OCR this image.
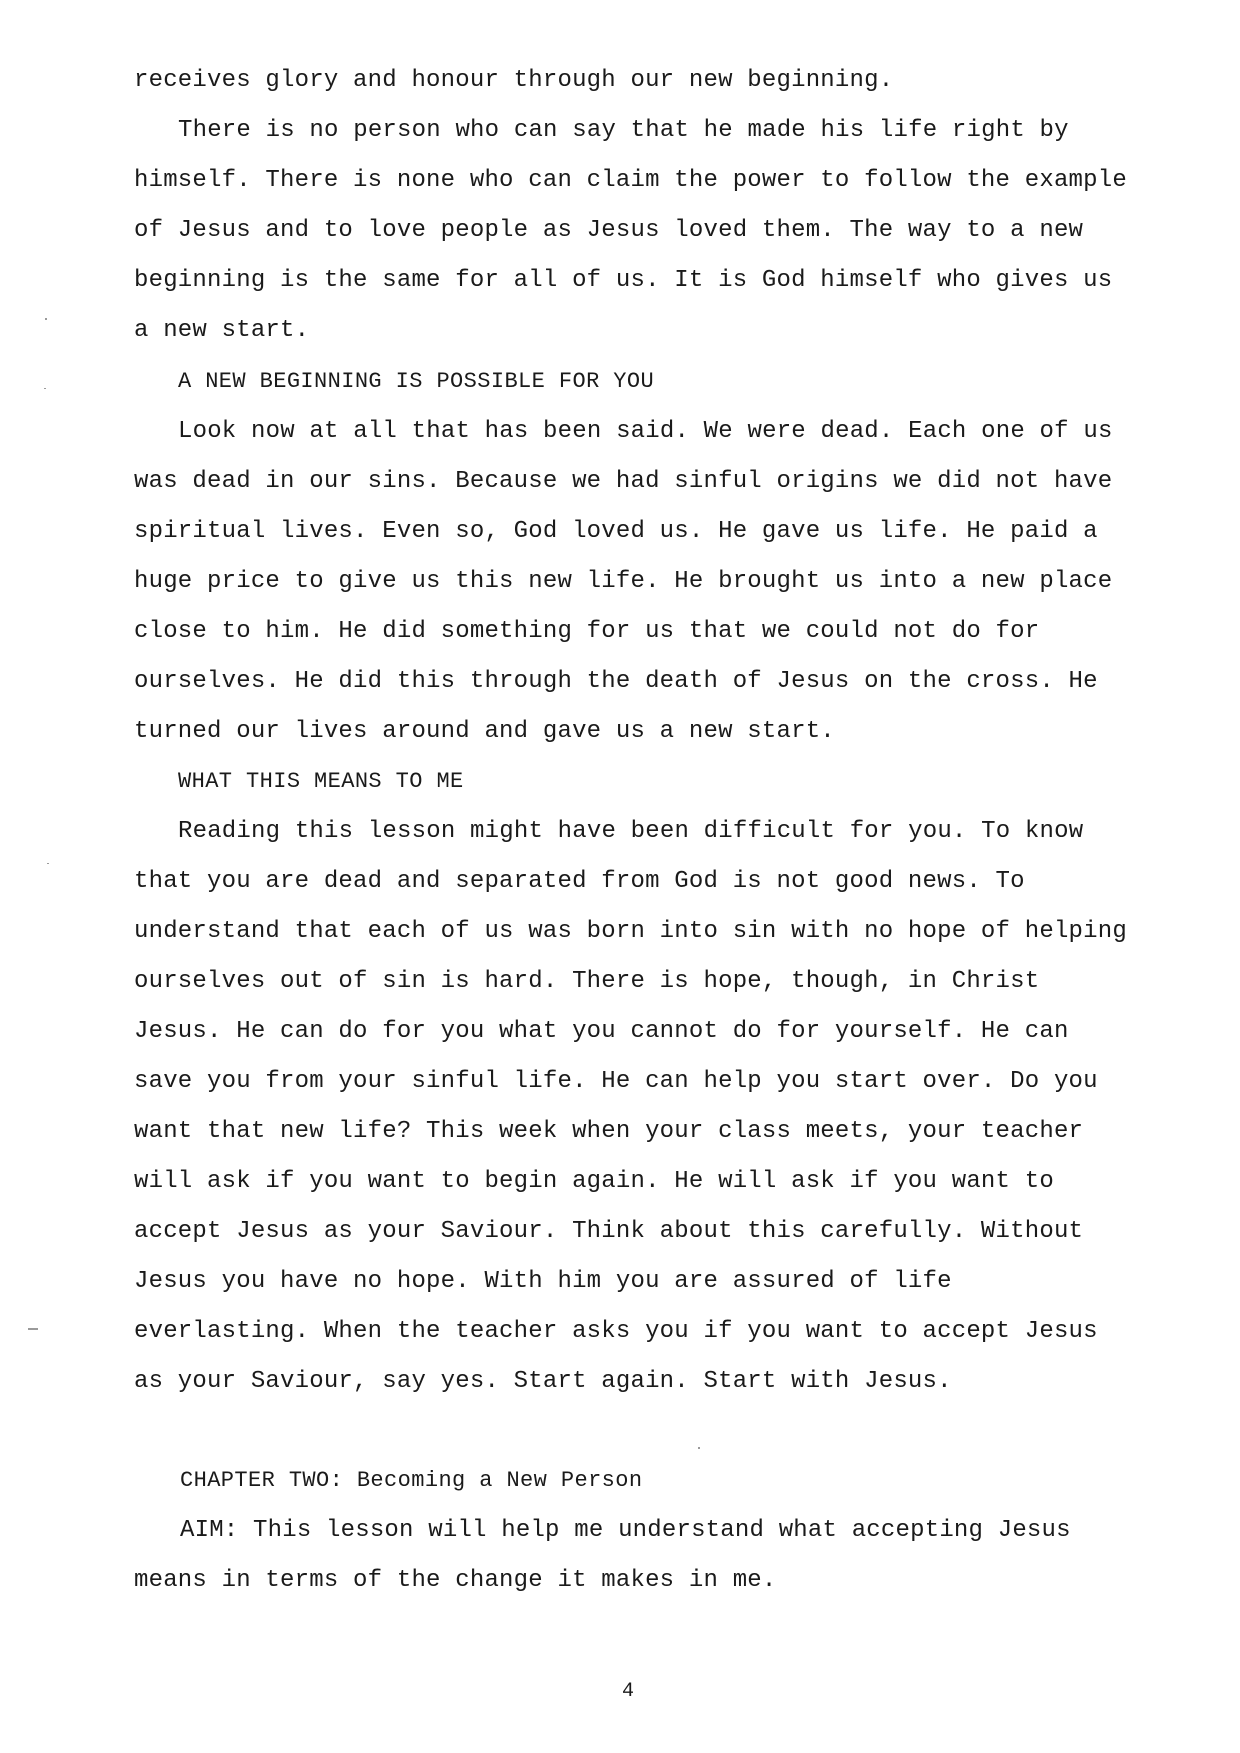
receives glory and honour through our new beginning.
There is no person who can say that he made his life right by
himself. There is none who can claim the power to follow the example
of Jesus and to love people as Jesus loved them. The way to a new
beginning is the same for all of us. It is God himself who gives us
a new start.
A NEW BEGINNING IS POSSIBLE FOR YOU
Look now at all that has been said. We were dead. Each one of us
was dead in our sins. Because we had sinful origins we did not have
spiritual lives. Even so, God loved us. He gave us life. He paid a
huge price to give us this new life. He brought us into a new place
close to him. He did something for us that we could not do for
ourselves. He did this through the death of Jesus on the cross. He
turned our lives around and gave us a new start.
WHAT THIS MEANS TO ME
Reading this lesson might have been difficult for you. To know
that you are dead and separated from God is not good news. To
understand that each of us was born into sin with no hope of helping
ourselves out of sin is hard. There is hope, though, in Christ
Jesus. He can do for you what you cannot do for yourself. He can
save you from your sinful life. He can help you start over. Do you
want that new life? This week when your class meets, your teacher
will ask if you want to begin again. He will ask if you want to
accept Jesus as your Saviour. Think about this carefully. Without
Jesus you have no hope. With him you are assured of life
everlasting. When the teacher asks you if you want to accept Jesus
as your Saviour, say yes. Start again. Start with Jesus.
CHAPTER TWO: Becoming a New Person
AIM: This lesson will help me understand what accepting Jesus
means in terms of the change it makes in me.
4
